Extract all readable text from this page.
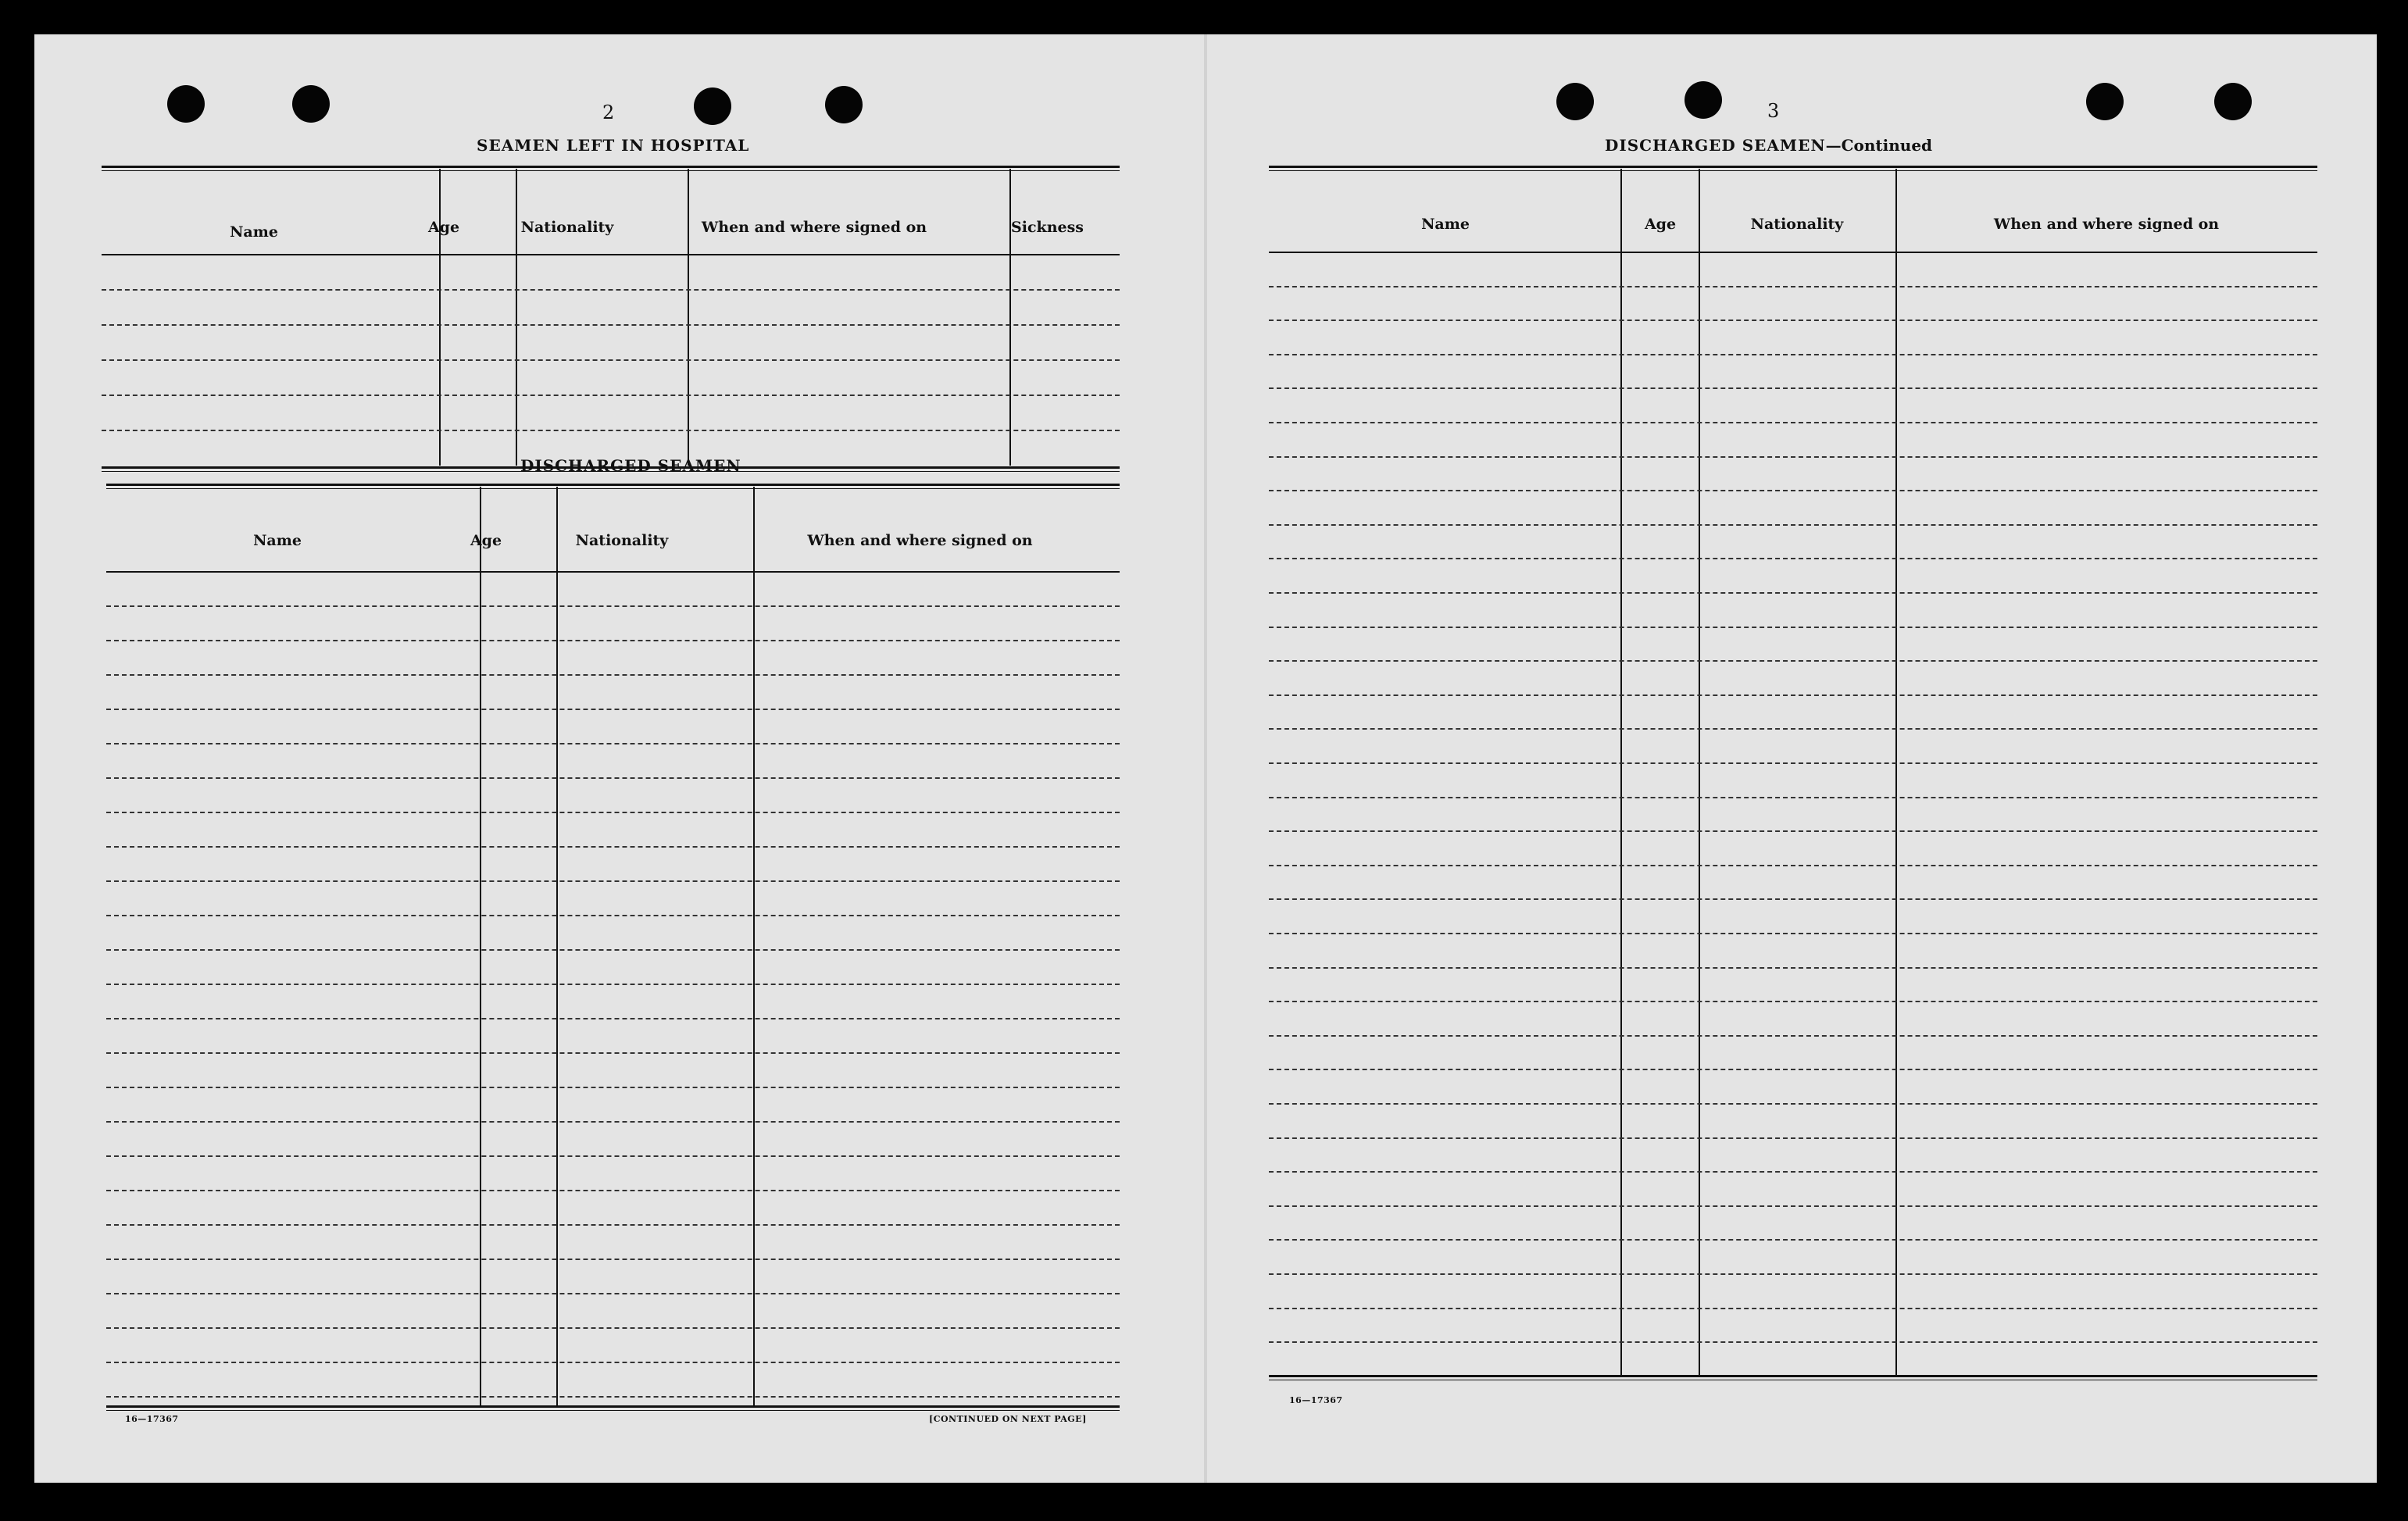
2
SEAMEN LEFT IN HOSPITAL
Name	Age	Nationality	When and where signed on	Sickness
DISCHARGED SEAMEN
Name	Age	Nationality	When and where signed on
16—17367	[CONTINUED ON NEXT PAGE]
3
DISCHARGED SEAMEN—Continued
Name	Age	Nationality	When and where signed on
16—17367
